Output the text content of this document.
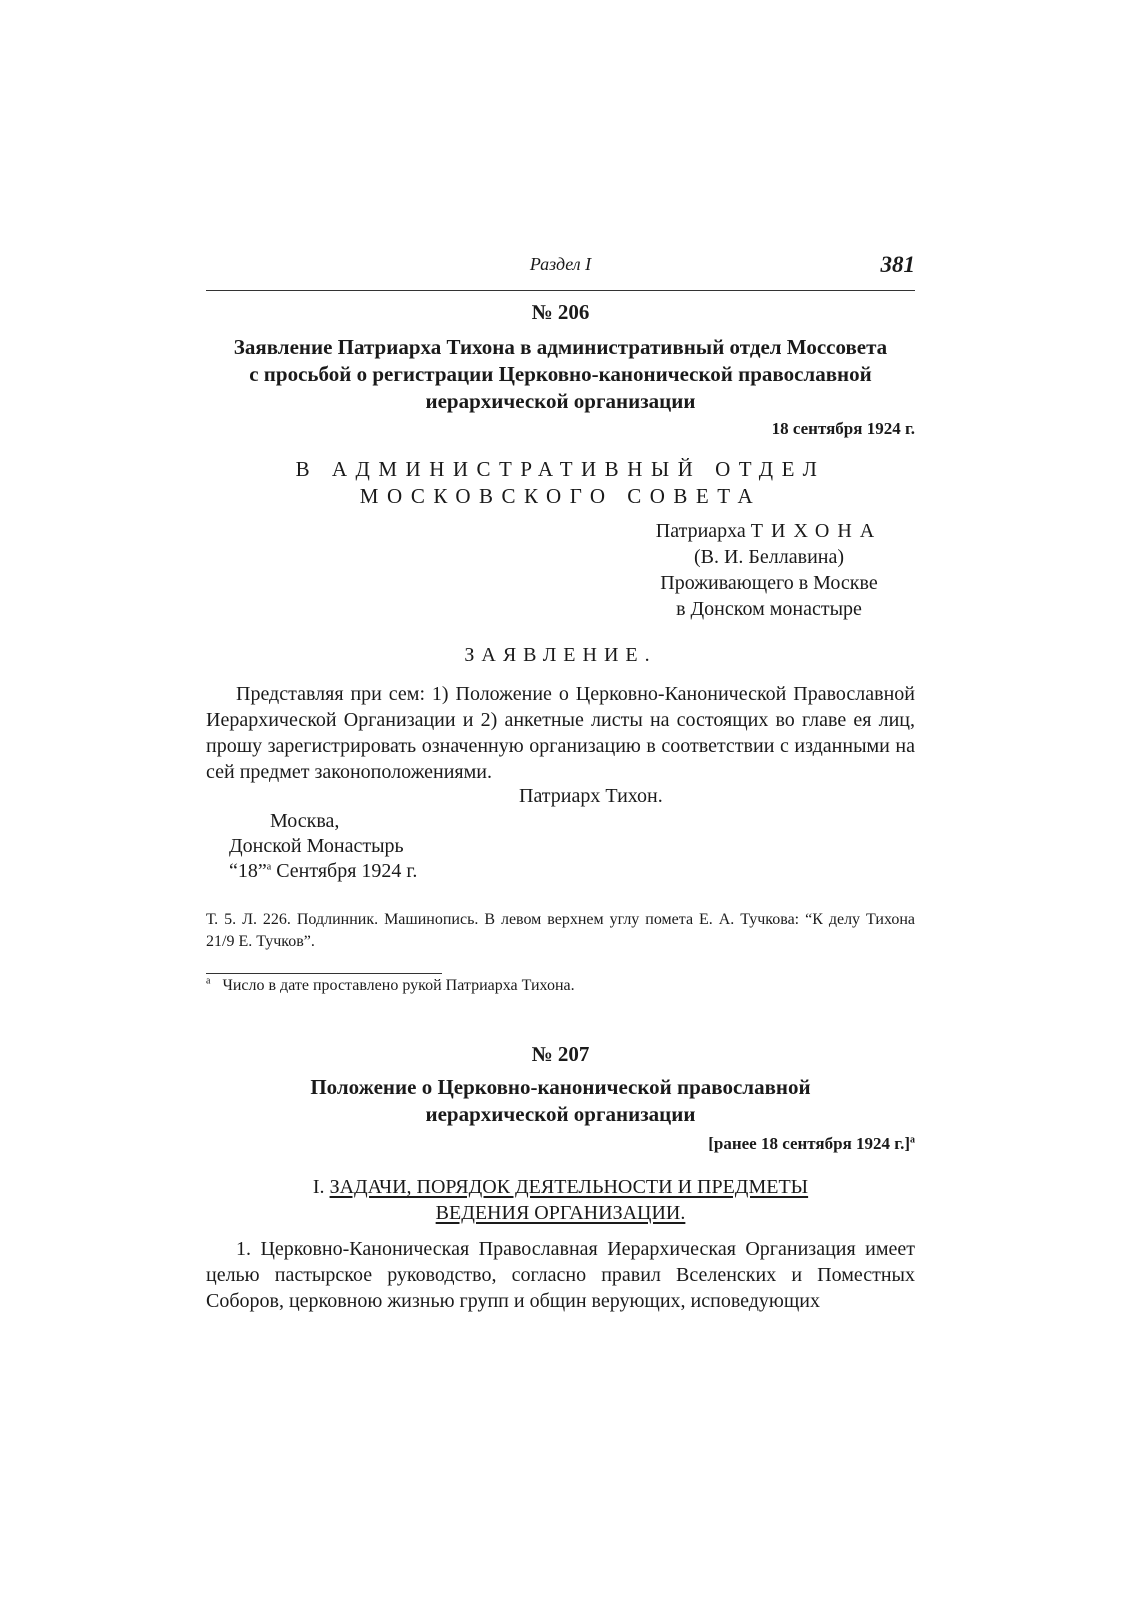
Раздел I	381
№ 206
Заявление Патриарха Тихона в административный отдел Моссовета
с просьбой о регистрации Церковно-канонической православной
иерархической организации
18 сентября 1924 г.
В АДМИНИСТРАТИВНЫЙ ОТДЕЛ
МОСКОВСКОГО СОВЕТА
Патриарха ТИХОНА
(В. И. Беллавина)
Проживающего в Москве
в Донском монастыре
ЗАЯВЛЕНИЕ.
Представляя при сем: 1) Положение о Церковно-Канонической Православной Иерархической Организации и 2) анкетные листы на состоящих во главе ея лиц, прошу зарегистрировать означенную организацию в соответствии с изданными на сей предмет законоположениями.
Патриарх Тихон.
Москва,
Донской Монастырь
“18”$^a$ Сентября 1924 г.
Т. 5. Л. 226. Подлинник. Машинопись. В левом верхнем углу помета Е. А. Тучкова: “К делу Тихона 21/9 Е. Тучков”.
$^a$ Число в дате проставлено рукой Патриарха Тихона.
№ 207
Положение о Церковно-канонической православной
иерархической организации
[ранее 18 сентября 1924 г.]$^a$
I. ЗАДАЧИ, ПОРЯДОК ДЕЯТЕЛЬНОСТИ И ПРЕДМЕТЫ
ВЕДЕНИЯ ОРГАНИЗАЦИИ.
1. Церковно-Каноническая Православная Иерархическая Организация имеет целью пастырское руководство, согласно правил Вселенских и Поместных Соборов, церковною жизнью групп и общин верующих, исповедующих
